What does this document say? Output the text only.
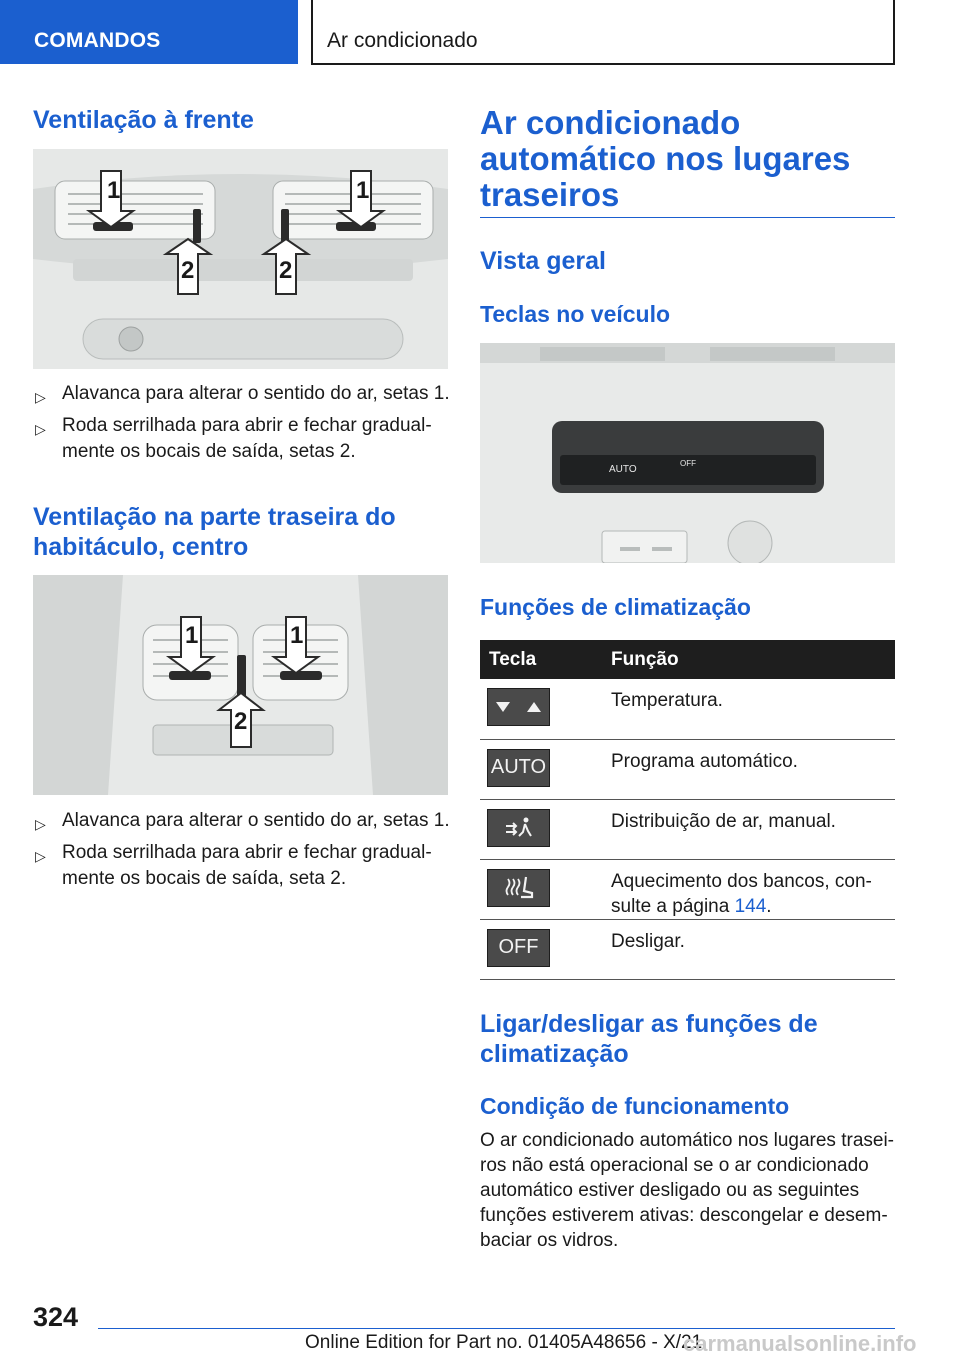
COMANDOS	Ar condicionado
Ventilação à frente
1	1
2	2
▷ Alavanca para alterar o sentido do ar, setas 1.
▷ Roda serrilhada para abrir e fechar gradual-mente os bocais de saída, setas 2.
Ventilação na parte traseira do habitáculo, centro
1	1
2
▷ Alavanca para alterar o sentido do ar, setas 1.
▷ Roda serrilhada para abrir e fechar gradual-mente os bocais de saída, seta 2.
Ar condicionado automático nos lugares traseiros
Vista geral
Teclas no veículo
AUTO
OFF
Funções de climatização
Tecla	Função

	Temperatura.

AUTO	Programa automático.

	Distribuição de ar, manual.

	Aquecimento dos bancos, con-sulte a página 144.

OFF	Desligar.
Ligar/desligar as funções de climatização
Condição de funcionamento
O ar condicionado automático nos lugares trasei-ros não está operacional se o ar condicionado automático estiver desligado ou as seguintes funções estiverem ativas: descongelar e desem-baciar os vidros.
324
Online Edition for Part no. 01405A48656 - X/21
carmanualsonline.info
